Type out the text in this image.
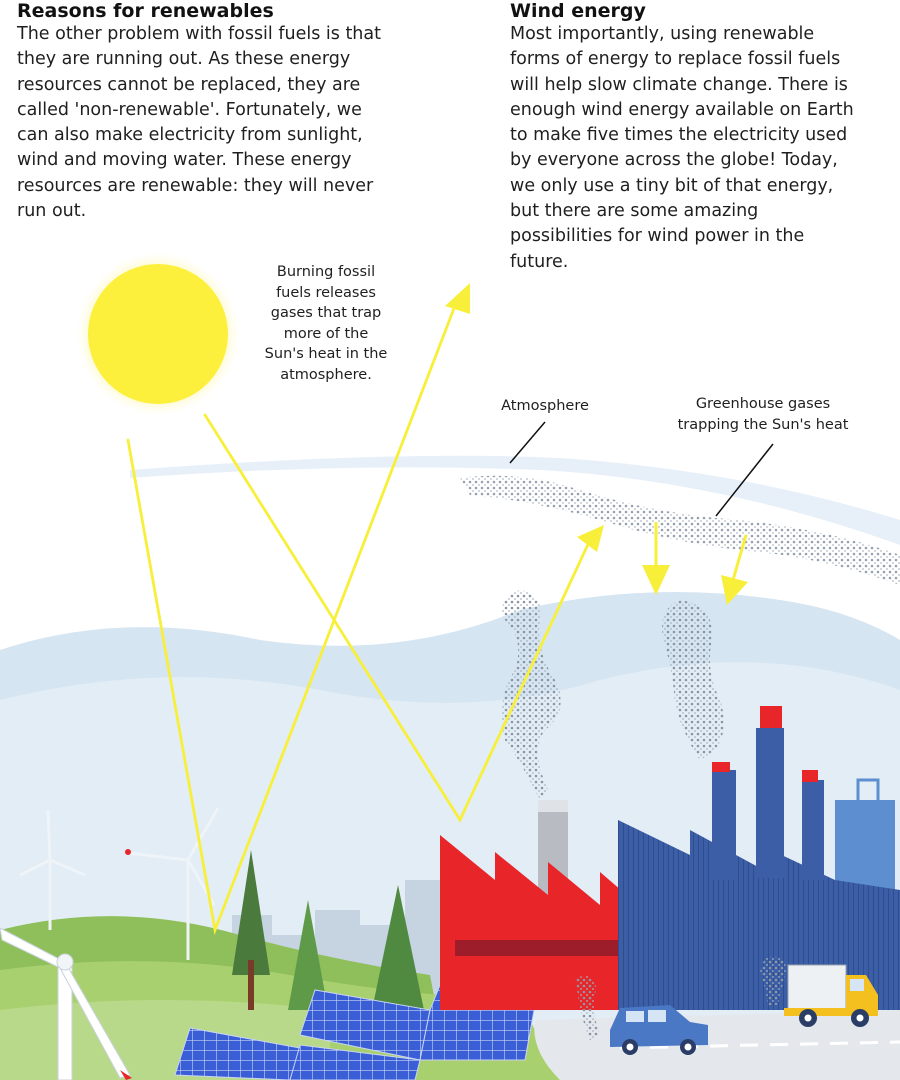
Reasons for renewables

The other problem with fossil fuels is that they are running out. As these energy resources cannot be replaced, they are called 'non-renewable'. Fortunately, we can also make electricity from sunlight, wind and moving water. These energy resources are renewable: they will never run out.

Wind energy

Most importantly, using renewable forms of energy to replace fossil fuels will help slow climate change. There is enough wind energy available on Earth to make five times the electricity used by everyone across the globe! Today, we only use a tiny bit of that energy, but there are some amazing possibilities for wind power in the future.

Burning fossil fuels releases gases that trap more of the Sun's heat in the atmosphere.
Atmosphere	Greenhouse gases trapping the Sun's heat
